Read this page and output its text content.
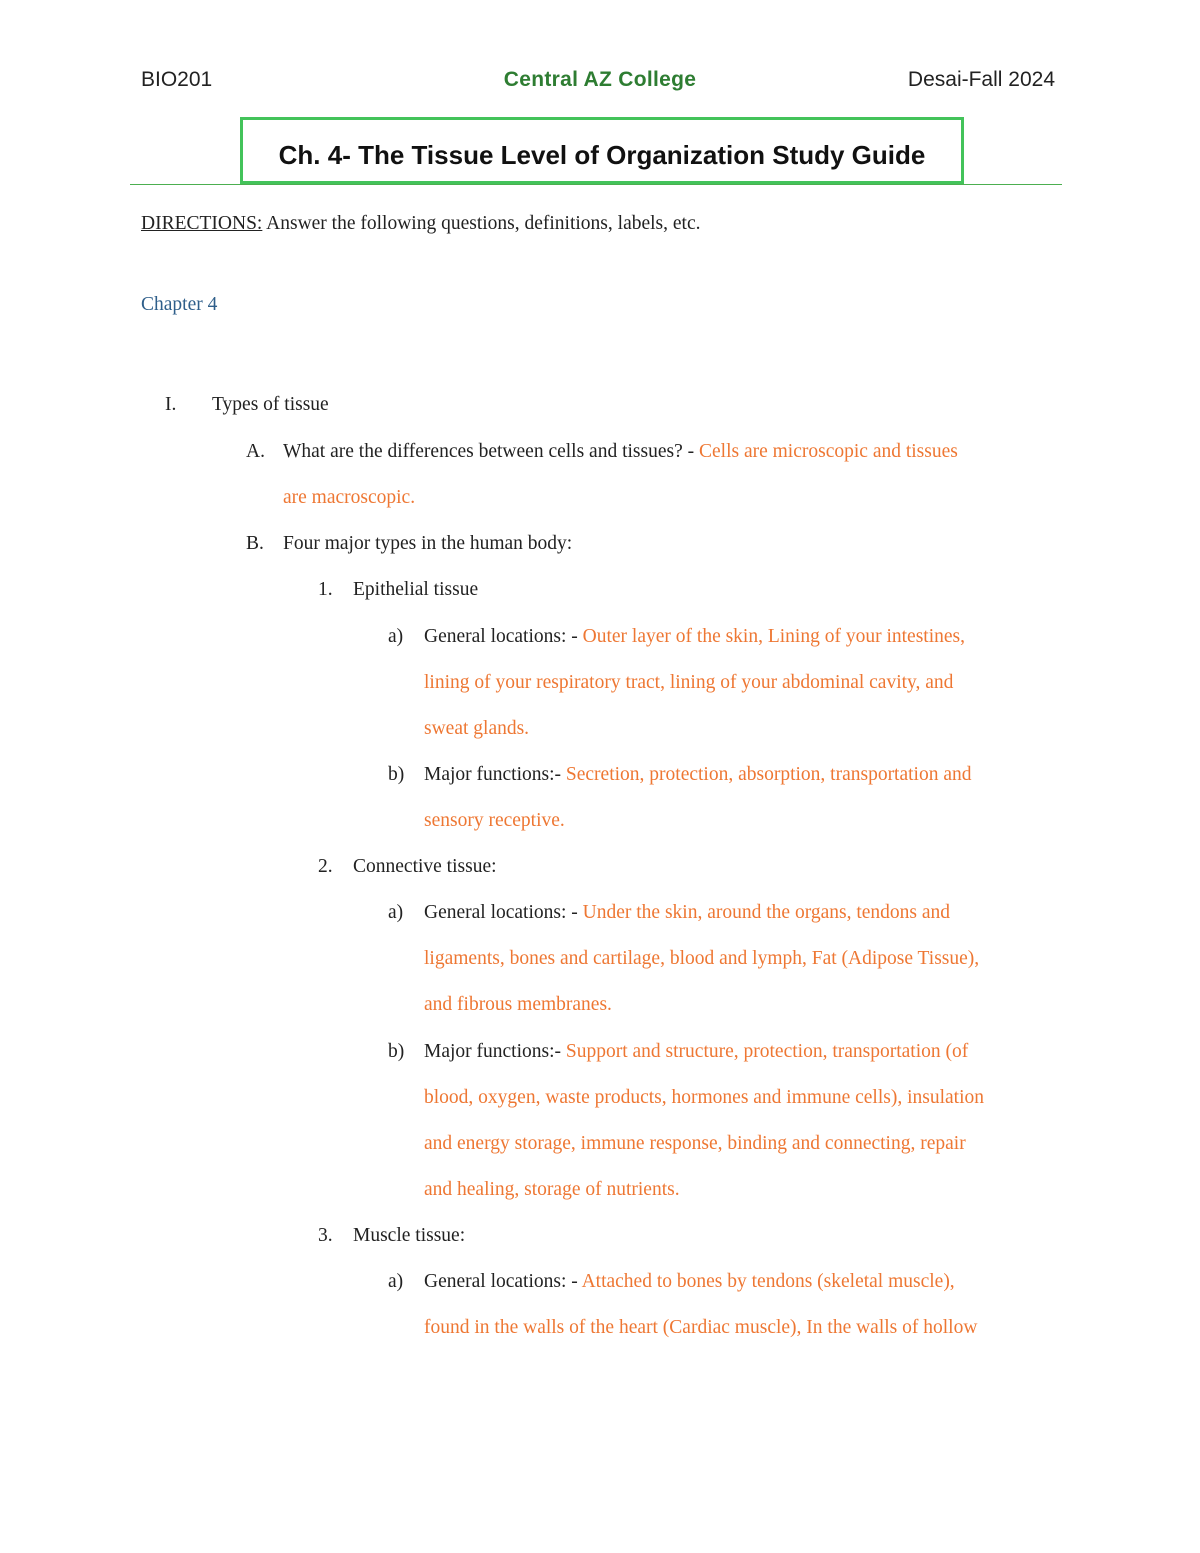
BIO201	Central AZ College	Desai-Fall 2024
Ch. 4- The Tissue Level of Organization Study Guide
DIRECTIONS: Answer the following questions, definitions, labels, etc.
Chapter 4
I. Types of tissue
A. What are the differences between cells and tissues? - Cells are microscopic and tissues
are macroscopic.
B. Four major types in the human body:
1. Epithelial tissue
a) General locations: - Outer layer of the skin, Lining of your intestines,
lining of your respiratory tract, lining of your abdominal cavity, and
sweat glands.
b) Major functions:- Secretion, protection, absorption, transportation and
sensory receptive.
2. Connective tissue:
a) General locations: - Under the skin, around the organs, tendons and
ligaments, bones and cartilage, blood and lymph, Fat (Adipose Tissue),
and fibrous membranes.
b) Major functions:- Support and structure, protection, transportation (of
blood, oxygen, waste products, hormones and immune cells), insulation
and energy storage, immune response, binding and connecting, repair
and healing, storage of nutrients.
3. Muscle tissue:
a) General locations: - Attached to bones by tendons (skeletal muscle),
found in the walls of the heart (Cardiac muscle), In the walls of hollow
